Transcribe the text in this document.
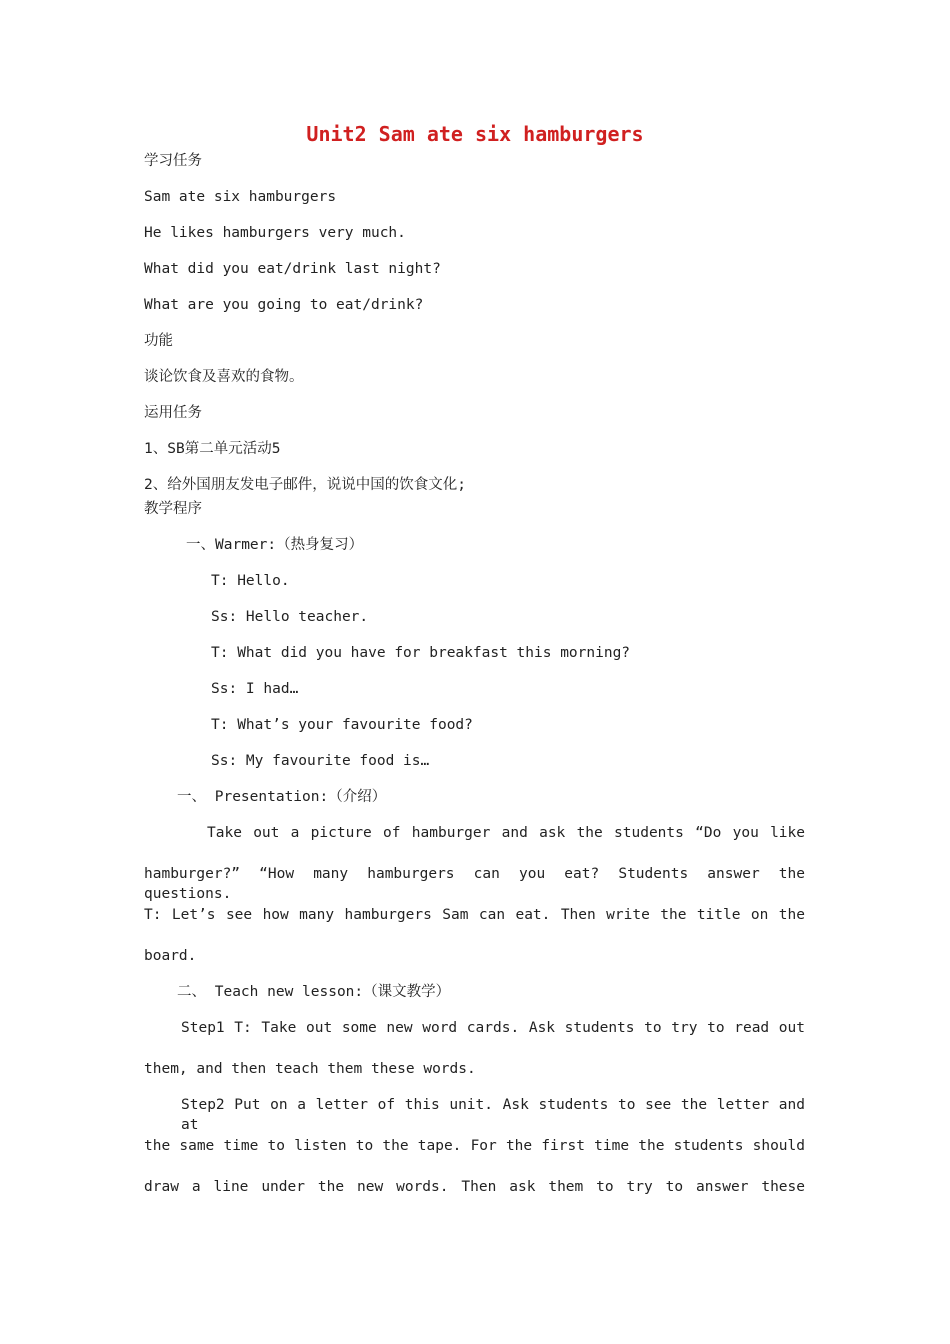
Unit2 Sam ate six hamburgers
学习任务
Sam ate six hamburgers
He likes hamburgers very much.
What did you eat/drink last night?
What are you going to eat/drink?
功能
谈论饮食及喜欢的食物。
运用任务
1、SB第二单元活动5
2、给外国朋友发电子邮件，说说中国的饮食文化;
教学程序
一、Warmer:（热身复习）
T: Hello.
Ss: Hello teacher.
T: What did you have for breakfast this morning?
Ss: I had…
T: What’s your favourite food?
Ss: My favourite food is…
一、 Presentation:（介绍）
Take out a picture of hamburger and ask the students “Do you like
hamburger?” “How many hamburgers can you eat? Students answer the questions.
T: Let’s see how many hamburgers Sam can eat. Then write the title on the
board.
二、 Teach new lesson:（课文教学）
Step1 T: Take out some new word cards. Ask students to try to read out
them, and then teach them these words.
Step2 Put on a letter of this unit. Ask students to see the letter and at
the same time to listen to the tape. For the first time the students should
draw a line under the new words. Then ask them to try to answer these
